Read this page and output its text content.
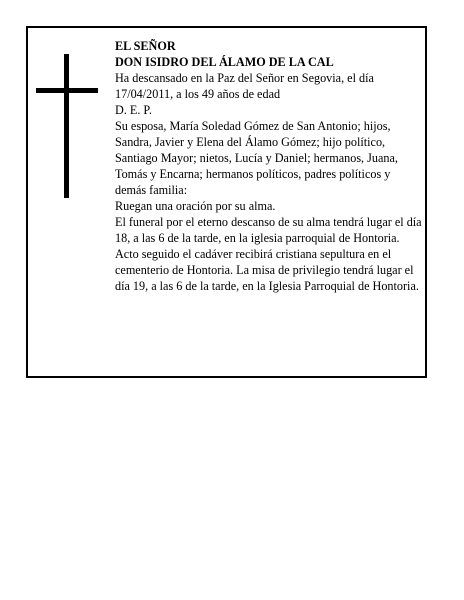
EL SEÑOR

DON ISIDRO DEL ÁLAMO DE LA CAL

Ha descansado en la Paz del Señor en Segovia, el día 17/04/2011, a los 49 años de edad

D. E. P.

Su esposa, María Soledad Gómez de San Antonio; hijos, Sandra, Javier y Elena del Álamo Gómez; hijo político, Santiago Mayor; nietos, Lucía y Daniel; hermanos, Juana, Tomás y Encarna; hermanos políticos, padres políticos y demás familia:

Ruegan una oración por su alma.

El funeral por el eterno descanso de su alma tendrá lugar el día 18, a las 6 de la tarde, en la iglesia parroquial de Hontoria. Acto seguido el cadáver recibirá cristiana sepultura en el cementerio de Hontoria. La misa de privilegio tendrá lugar el día 19, a las 6 de la tarde, en la Iglesia Parroquial de Hontoria.
